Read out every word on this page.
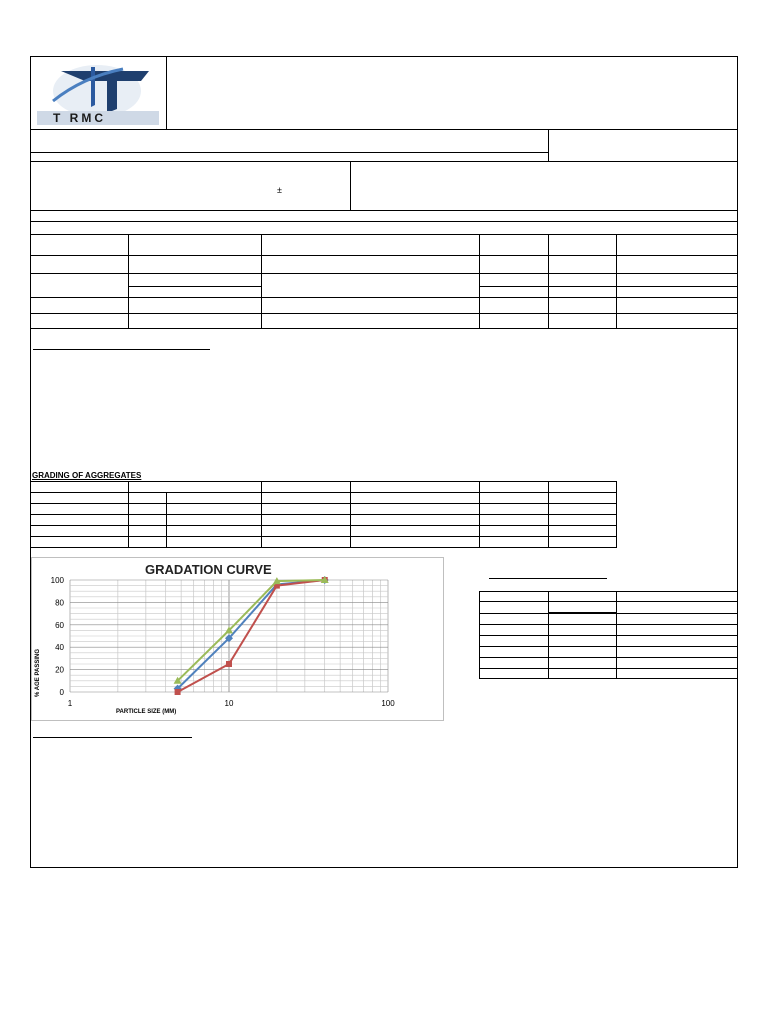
T RMC
±
GRADING OF AGGREGATES
GRADATION CURVE
0
20
40
60
80
100
1	10	100
PARTICLE SIZE (MM)
% AGE PASSING
